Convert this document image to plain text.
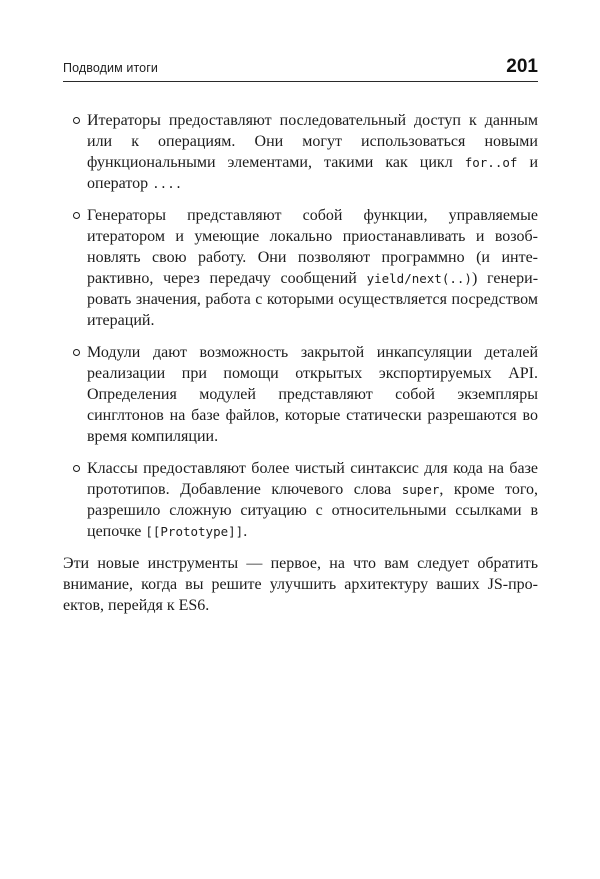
Подводим итоги	201
Итераторы предоставляют последовательный доступ к данным или к операциям. Они могут использоваться новыми функциональными элементами, такими как цикл for..of и оператор ....
Генераторы представляют собой функции, управляемые итератором и умеющие локально приостанавливать и возобновлять свою работу. Они позволяют программно (и интерактивно, через передачу сообщений yield/next(..)) генерировать значения, работа с которыми осуществляется посредством итераций.
Модули дают возможность закрытой инкапсуляции деталей реализации при помощи открытых экспортируемых API. Определения модулей представляют собой экземпляры синглтонов на базе файлов, которые статически разрешаются во время компиляции.
Классы предоставляют более чистый синтаксис для кода на базе прототипов. Добавление ключевого слова super, кроме того, разрешило сложную ситуацию с относительными ссылками в цепочке [[Prototype]].

Эти новые инструменты — первое, на что вам следует обратить внимание, когда вы решите улучшить архитектуру ваших JS-проектов, перейдя к ES6.
